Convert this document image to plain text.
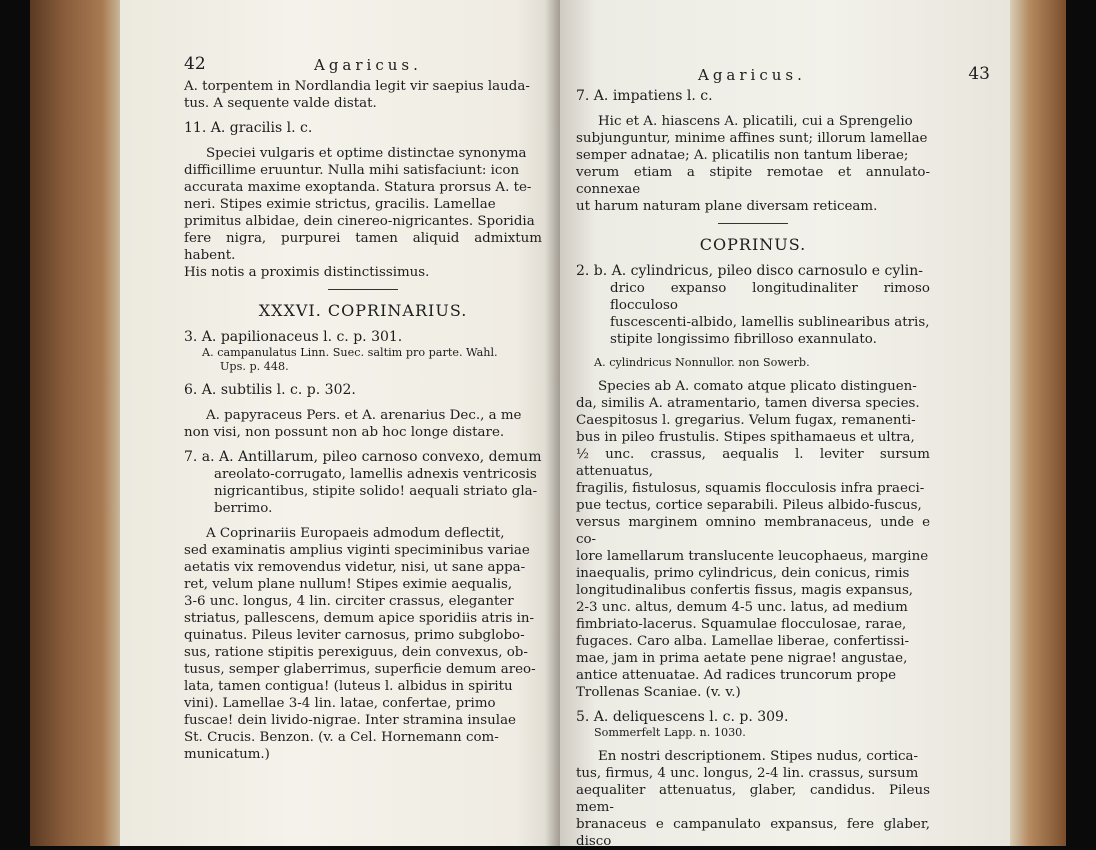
42	Agaricus.

A. torpentem in Nordlandia legit vir saepius lauda-

tus. A sequente valde distat.

11. A. gracilis l. c.

Speciei vulgaris et optime distinctae synonyma

difficillime eruuntur. Nulla mihi satisfaciunt: icon

accurata maxime exoptanda. Statura prorsus A. te-

neri. Stipes eximie strictus, gracilis. Lamellae

primitus albidae, dein cinereo-nigricantes. Sporidia

fere nigra, purpurei tamen aliquid admixtum habent.

His notis a proximis distinctissimus.

XXXVI. COPRINARIUS.

3. A. papilionaceus l. c. p. 301.

A. campanulatus Linn. Suec. saltim pro parte. Wahl.

Ups. p. 448.

6. A. subtilis l. c. p. 302.

A. papyraceus Pers. et A. arenarius Dec., a me

non visi, non possunt non ab hoc longe distare.

7. a. A. Antillarum, pileo carnoso convexo, demum

areolato-corrugato, lamellis adnexis ventricosis

nigricantibus, stipite solido! aequali striato gla-

berrimo.

A Coprinariis Europaeis admodum deflectit,

sed examinatis amplius viginti speciminibus variae

aetatis vix removendus videtur, nisi, ut sane appa-

ret, velum plane nullum! Stipes eximie aequalis,

3-6 unc. longus, 4 lin. circiter crassus, eleganter

striatus, pallescens, demum apice sporidiis atris in-

quinatus. Pileus leviter carnosus, primo subglobo-

sus, ratione stipitis perexiguus, dein convexus, ob-

tusus, semper glaberrimus, superficie demum areo-

lata, tamen contigua! (luteus l. albidus in spiritu

vini). Lamellae 3-4 lin. latae, confertae, primo

fuscae! dein livido-nigrae. Inter stramina insulae

St. Crucis. Benzon. (v. a Cel. Hornemann com-

municatum.)

Agaricus.	43

7. A. impatiens l. c.

Hic et A. hiascens A. plicatili, cui a Sprengelio

subjunguntur, minime affines sunt; illorum lamellae

semper adnatae; A. plicatilis non tantum liberae;

verum etiam a stipite remotae et annulato-connexae

ut harum naturam plane diversam reticeam.

COPRINUS.

2. b. A. cylindricus, pileo disco carnosulo e cylin-

drico expanso longitudinaliter rimoso flocculoso

fuscescenti-albido, lamellis sublinearibus atris,

stipite longissimo fibrilloso exannulato.

A. cylindricus Nonnullor. non Sowerb.

Species ab A. comato atque plicato distinguen-

da, similis A. atramentario, tamen diversa species.

Caespitosus l. gregarius. Velum fugax, remanenti-

bus in pileo frustulis. Stipes spithamaeus et ultra,

½ unc. crassus, aequalis l. leviter sursum attenuatus,

fragilis, fistulosus, squamis flocculosis infra praeci-

pue tectus, cortice separabili. Pileus albido-fuscus,

versus marginem omnino membranaceus, unde e co-

lore lamellarum translucente leucophaeus, margine

inaequalis, primo cylindricus, dein conicus, rimis

longitudinalibus confertis fissus, magis expansus,

2-3 unc. altus, demum 4-5 unc. latus, ad medium

fimbriato-lacerus. Squamulae flocculosae, rarae,

fugaces. Caro alba. Lamellae liberae, confertissi-

mae, jam in prima aetate pene nigrae! angustae,

antice attenuatae. Ad radices truncorum prope

Trollenas Scaniae. (v. v.)

5. A. deliquescens l. c. p. 309.

Sommerfelt Lapp. n. 1030.

En nostri descriptionem. Stipes nudus, cortica-

tus, firmus, 4 unc. longus, 2-4 lin. crassus, sursum

aequaliter attenuatus, glaber, candidus. Pileus mem-

branaceus e campanulato expansus, fere glaber, disco
